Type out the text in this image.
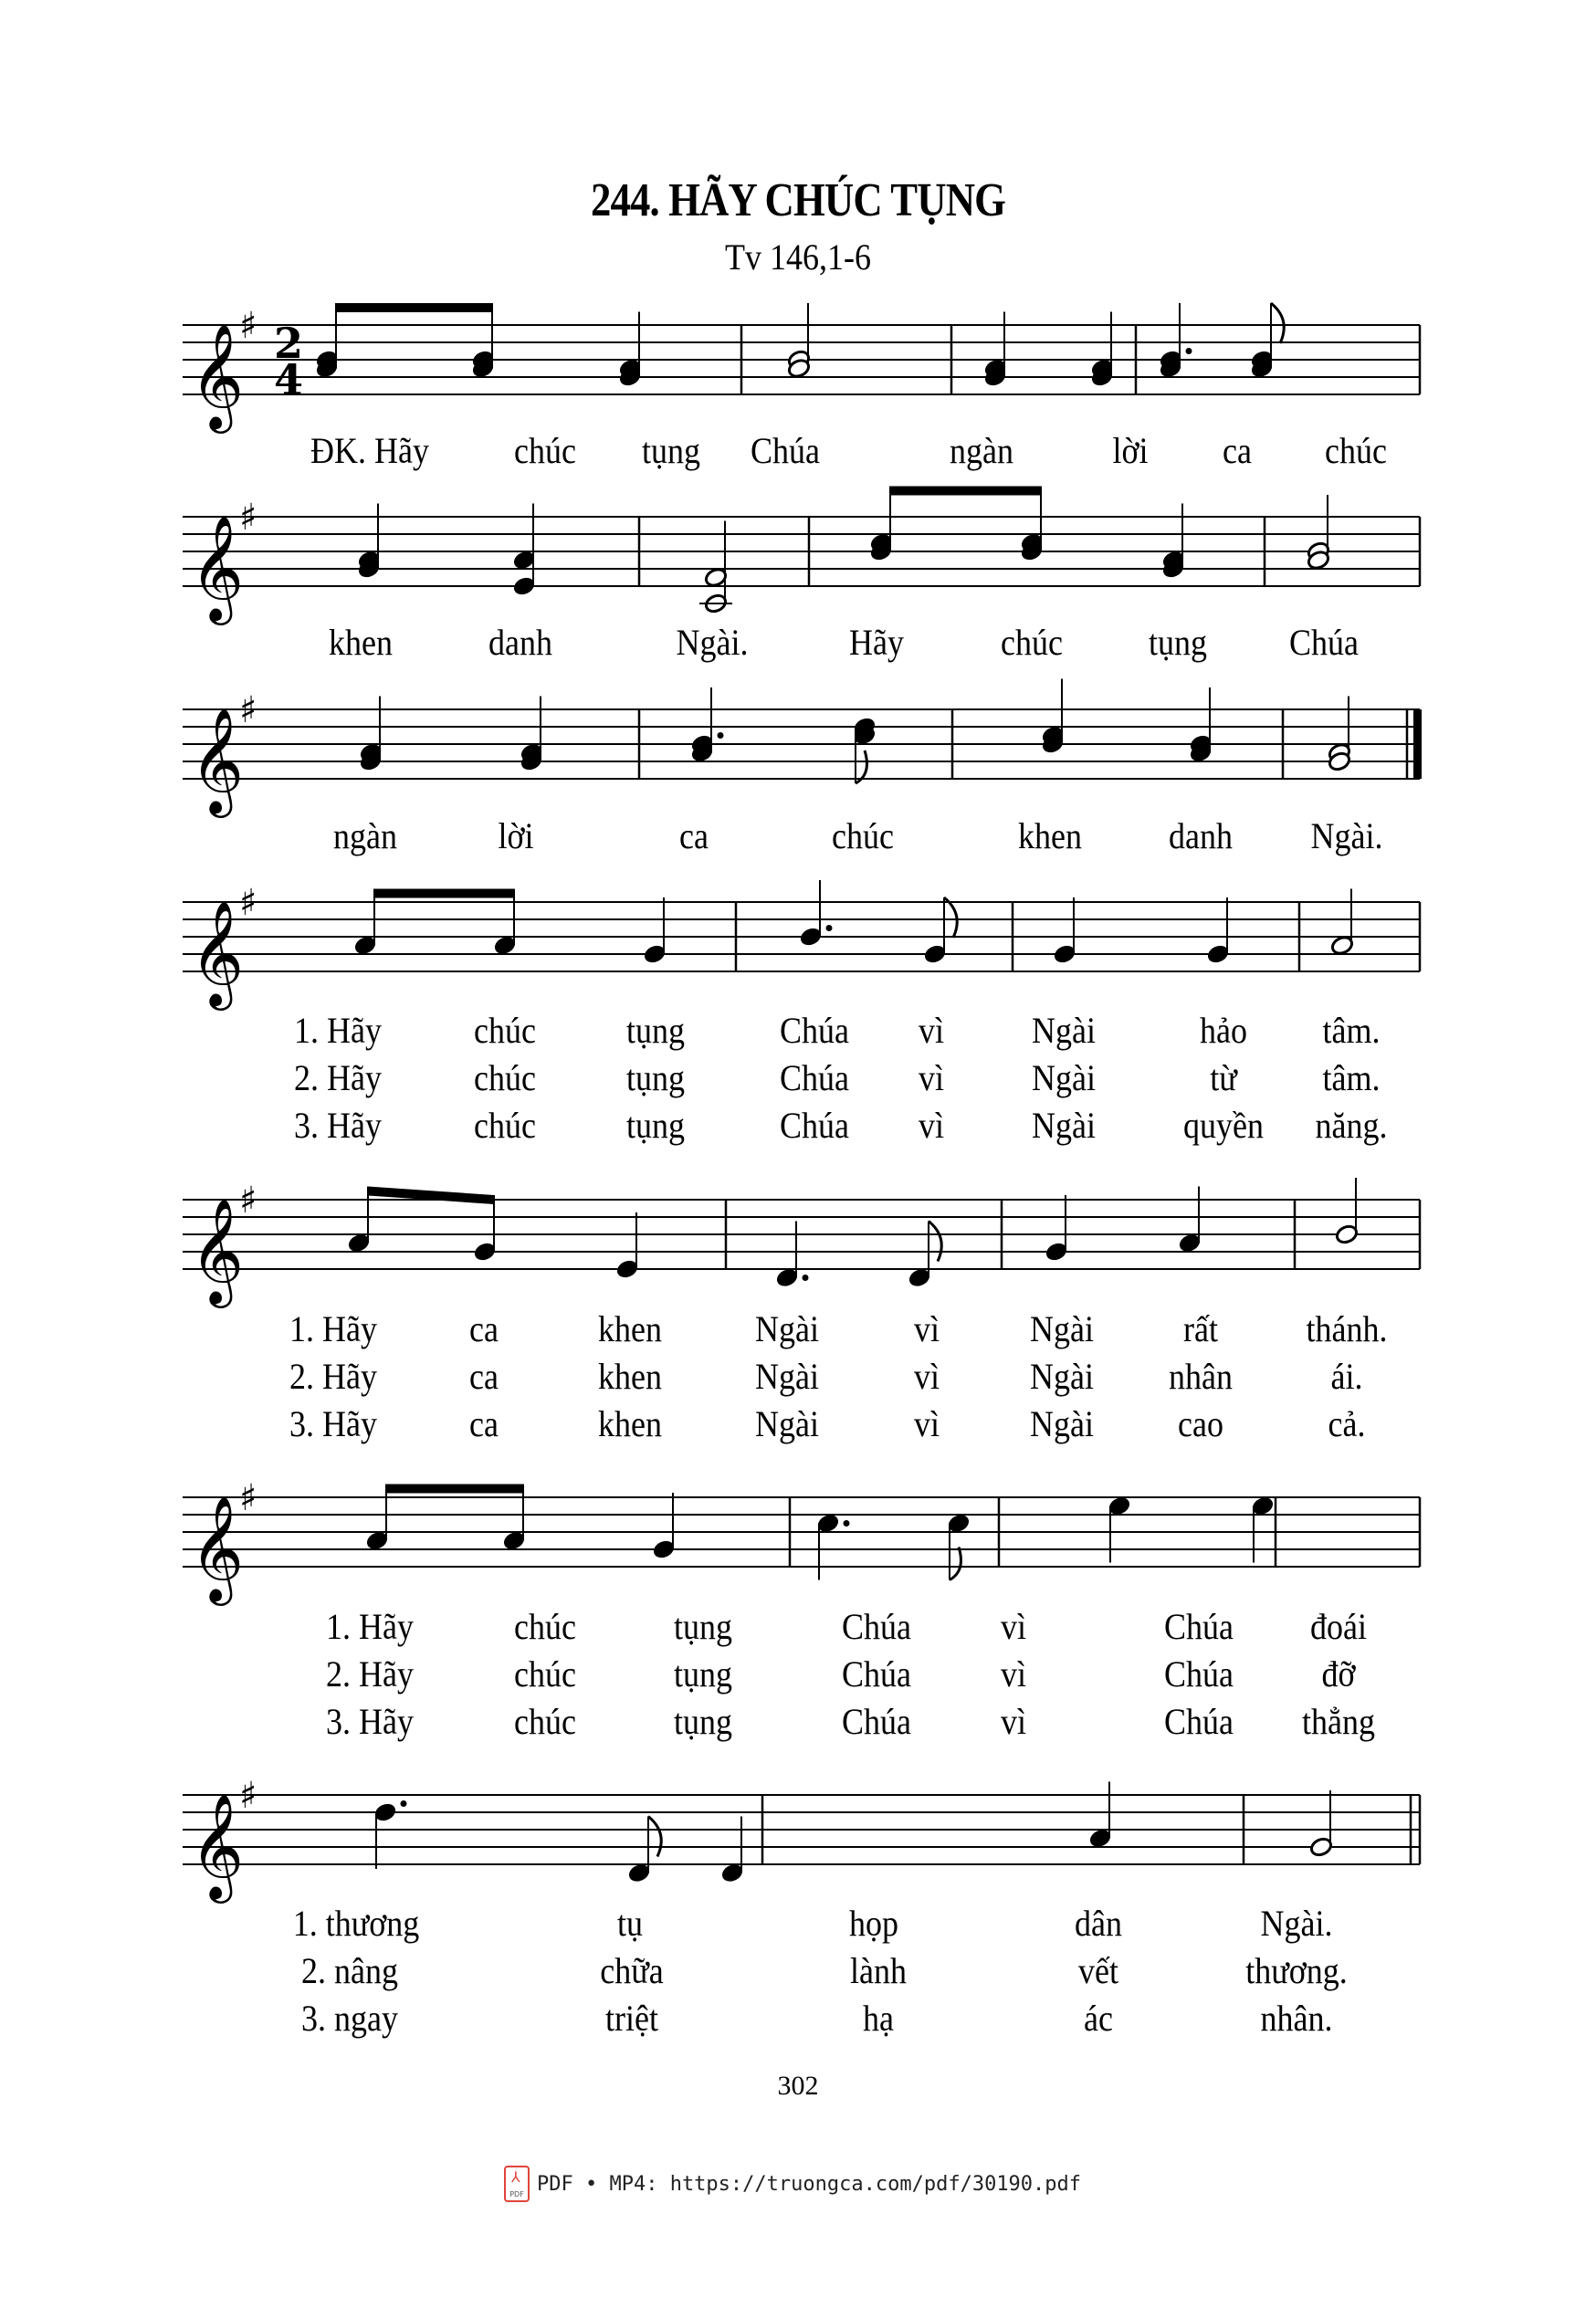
244. HÃY CHÚC TỤNG
Tv 146,1-6
𝄞
♯ 2
4
𝄞
♯
𝄞
♯
𝄞
♯
𝄞
♯
𝄞
♯
𝄞
♯
ĐK. Hãy chúc tụng Chúa	ngàn	lời ca chúc
khen	danh	Ngài.	Hãy	chúc tụng Chúa
ngàn	lời	ca	chúc	khen danh Ngài.
1. Hãy	chúc tụng	Chúa vì Ngài	hảo tâm.
2. Hãy	chúc tụng	Chúa vì Ngài	từ tâm.
3. Hãy	chúc tụng	Chúa vì Ngài quyền năng.
1. Hãy	ca	khen	Ngài	vì Ngài rất thánh.
2. Hãy	ca	khen	Ngài	vì Ngài nhân	ái.
3. Hãy	ca	khen	Ngài	vì Ngài cao	cả.
1. Hãy	chúc	tụng	Chúa vì	Chúa đoái
2. Hãy	chúc	tụng	Chúa vì	Chúa đỡ
3. Hãy	chúc	tụng	Chúa vì	Chúa thẳng
1. thương	tụ	họp	dân	Ngài.
2. nâng	chữa	lành	vết	thương.
3. ngay	triệt	hạ	ác	nhân.
302
⅄
PDF PDF • MP4: https://truongca.com/pdf/30190.pdf
